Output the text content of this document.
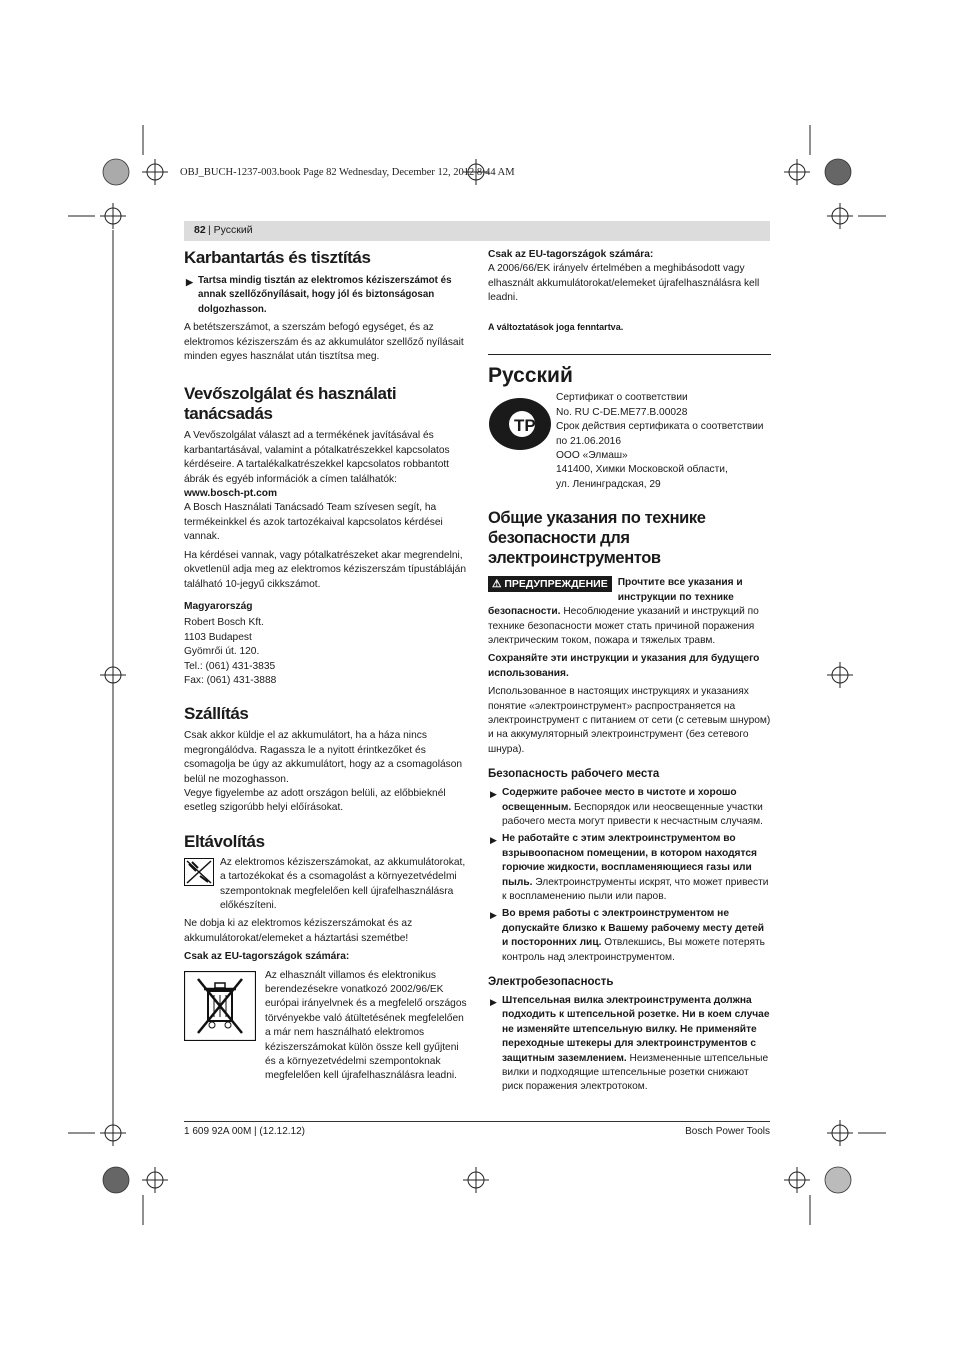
OBJ_BUCH-1237-003.book Page 82 Wednesday, December 12, 2012 8:44 AM
82 | Русский
Karbantartás és tisztítás
▶ Tartsa mindig tisztán az elektromos kéziszerszámot és annak szellőzőnyílásait, hogy jól és biztonságosan dolgozhasson.

A betétszerszámot, a szerszám befogó egységet, és az elektromos kéziszerszám és az akkumulátor szellőző nyílásait minden egyes használat után tisztítsa meg.

Vevőszolgálat és használati tanácsadás

A Vevőszolgálat választ ad a termékének javításával és karbantartásával, valamint a pótalkatrészekkel kapcsolatos kérdéseire. A tartalékalkatrészekkel kapcsolatos robbantott ábrák és egyéb információk a címen találhatók:

www.bosch-pt.com

A Bosch Használati Tanácsadó Team szívesen segít, ha termékeinkkel és azok tartozékaival kapcsolatos kérdései vannak.

Ha kérdései vannak, vagy pótalkatrészeket akar megrendelni, okvetlenül adja meg az elektromos kéziszerszám típustábláján található 10-jegyű cikkszámot.

Magyarország

Robert Bosch Kft.

1103 Budapest

Gyömrői út. 120.

Tel.: (061) 431-3835

Fax: (061) 431-3888

Szállítás

Csak akkor küldje el az akkumulátort, ha a háza nincs megrongálódva. Ragassza le a nyitott érintkezőket és csomagolja be úgy az akkumulátort, hogy az a csomagoláson belül ne mozoghasson.

Vegye figyelembe az adott országon belüli, az előbbieknél esetleg szigorúbb helyi előírásokat.

Eltávolítás

Az elektromos kéziszerszámokat, az akkumulátorokat, a tartozékokat és a csomagolást a környezetvédelmi szempontoknak megfelelően kell újrafelhasználásra előkészíteni.

Ne dobja ki az elektromos kéziszerszámokat és az akkumulátorokat/elemeket a háztartási szemétbe!

Csak az EU-tagországok számára:

Az elhasznált villamos és elektronikus berendezésekre vonatkozó 2002/96/EK európai irányelvnek és a megfelelő országos törvényekbe való átültetésének megfelelően a már nem használható elektromos kéziszerszámokat külön össze kell gyűjteni és a környezetvédelmi szempontoknak megfelelően kell újrafelhasználásra leadni.

Csak az EU-tagországok számára:

A 2006/66/EK irányelv értelmében a meghibásodott vagy elhasznált akkumulátorokat/elemeket újrafelhasználásra kell leadni.

A változtatások joga fenntartva.

Русский
TP

Сертификат о соответствии

No. RU C-DE.ME77.B.00028

Срок действия сертификата о соответствии

по 21.06.2016

ООО «Элмаш»

141400, Химки Московской области,

ул. Ленинградская, 29

Общие указания по технике безопасности для электроинструментов
⚠ ПРЕДУПРЕЖДЕНИЕ Прочтите все указания и инструкции по технике безопасности. Несоблюдение указаний и инструкций по технике безопасности может стать причиной поражения электрическим током, пожара и тяжелых травм.

Сохраняйте эти инструкции и указания для будущего использования.

Использованное в настоящих инструкциях и указаниях понятие «электроинструмент» распространяется на электроинструмент с питанием от сети (с сетевым шнуром) и на аккумуляторный электроинструмент (без сетевого шнура).

Безопасность рабочего места
▶ Содержите рабочее место в чистоте и хорошо освещенным. Беспорядок или неосвещенные участки рабочего места могут привести к несчастным случаям.
▶ Не работайте с этим электроинструментом во взрывоопасном помещении, в котором находятся горючие жидкости, воспламеняющиеся газы или пыль. Электроинструменты искрят, что может привести к воспламенению пыли или паров.
▶ Во время работы с электроинструментом не допускайте близко к Вашему рабочему месту детей и посторонних лиц. Отвлекшись, Вы можете потерять контроль над электроинструментом.
Электробезопасность
▶ Штепсельная вилка электроинструмента должна подходить к штепсельной розетке. Ни в коем случае не изменяйте штепсельную вилку. Не применяйте переходные штекеры для электроинструментов с защитным заземлением. Неизмененные штепсельные вилки и подходящие штепсельные розетки снижают риск поражения электротоком.
1 609 92A 00M | (12.12.12)	Bosch Power Tools
